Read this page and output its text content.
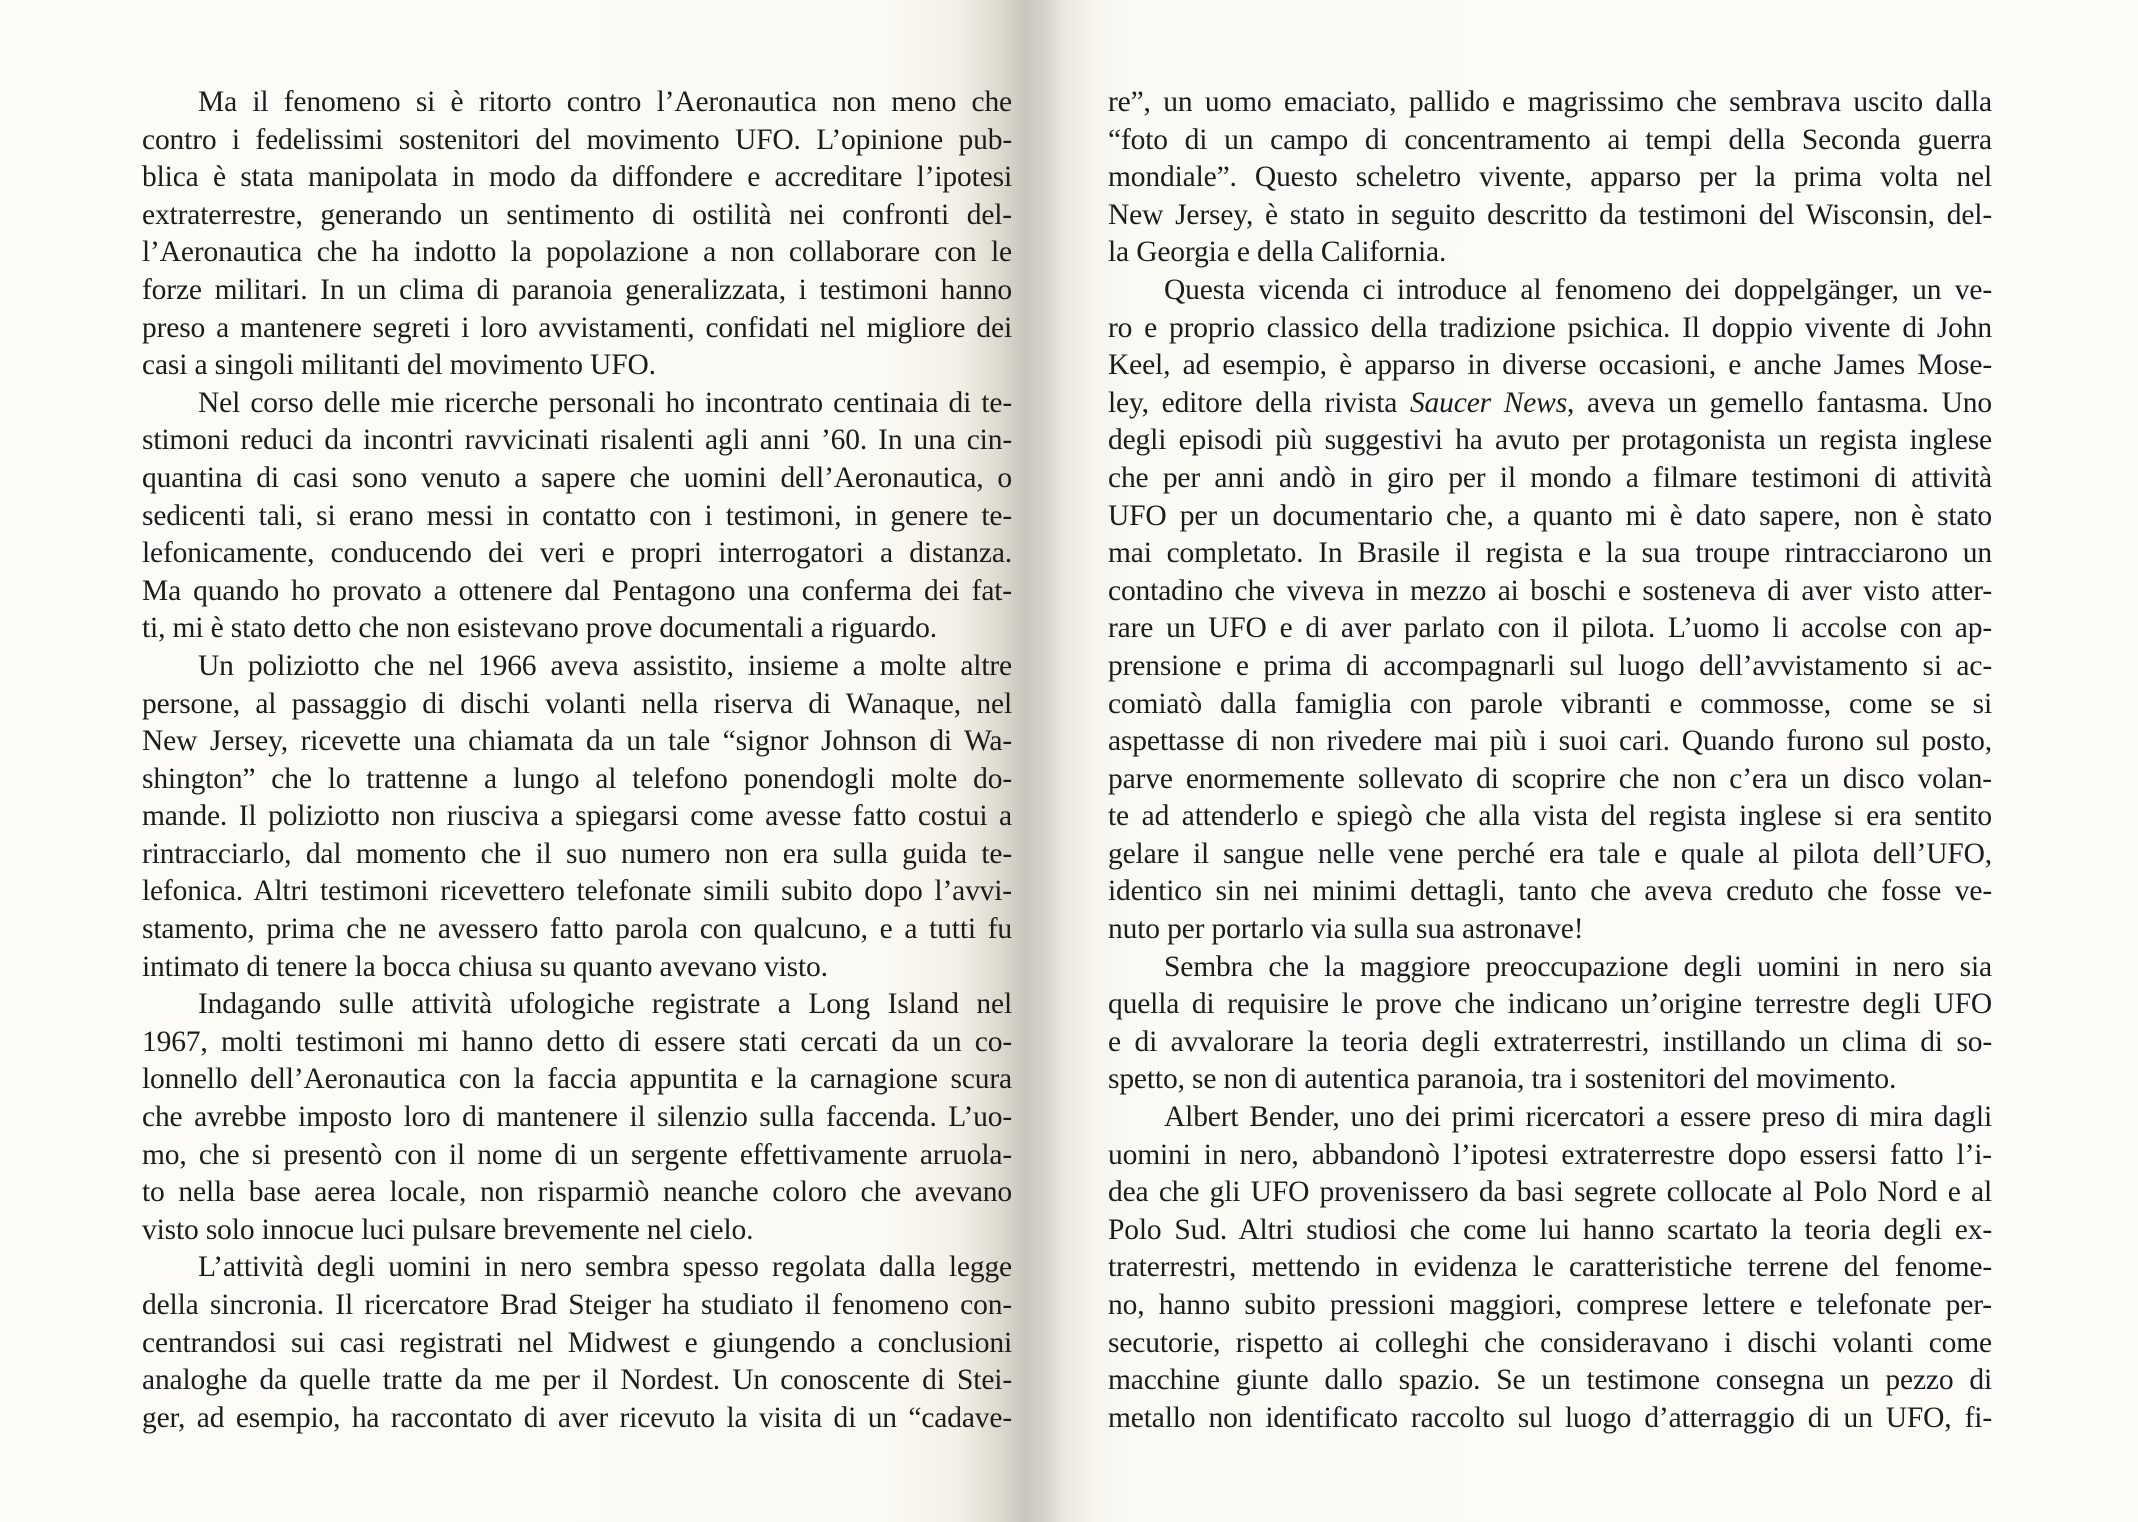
Ma il fenomeno si è ritorto contro l’Aeronautica non meno che
contro i fedelissimi sostenitori del movimento UFO. L’opinione pub-
blica è stata manipolata in modo da diffondere e accreditare l’ipotesi
extraterrestre, generando un sentimento di ostilità nei confronti del-
l’Aeronautica che ha indotto la popolazione a non collaborare con le
forze militari. In un clima di paranoia generalizzata, i testimoni hanno
preso a mantenere segreti i loro avvistamenti, confidati nel migliore dei
casi a singoli militanti del movimento UFO.
Nel corso delle mie ricerche personali ho incontrato centinaia di te-
stimoni reduci da incontri ravvicinati risalenti agli anni ’60. In una cin-
quantina di casi sono venuto a sapere che uomini dell’Aeronautica, o
sedicenti tali, si erano messi in contatto con i testimoni, in genere te-
lefonicamente, conducendo dei veri e propri interrogatori a distanza.
Ma quando ho provato a ottenere dal Pentagono una conferma dei fat-
ti, mi è stato detto che non esistevano prove documentali a riguardo.
Un poliziotto che nel 1966 aveva assistito, insieme a molte altre
persone, al passaggio di dischi volanti nella riserva di Wanaque, nel
New Jersey, ricevette una chiamata da un tale “signor Johnson di Wa-
shington” che lo trattenne a lungo al telefono ponendogli molte do-
mande. Il poliziotto non riusciva a spiegarsi come avesse fatto costui a
rintracciarlo, dal momento che il suo numero non era sulla guida te-
lefonica. Altri testimoni ricevettero telefonate simili subito dopo l’avvi-
stamento, prima che ne avessero fatto parola con qualcuno, e a tutti fu
intimato di tenere la bocca chiusa su quanto avevano visto.
Indagando sulle attività ufologiche registrate a Long Island nel
1967, molti testimoni mi hanno detto di essere stati cercati da un co-
lonnello dell’Aeronautica con la faccia appuntita e la carnagione scura
che avrebbe imposto loro di mantenere il silenzio sulla faccenda. L’uo-
mo, che si presentò con il nome di un sergente effettivamente arruola-
to nella base aerea locale, non risparmiò neanche coloro che avevano
visto solo innocue luci pulsare brevemente nel cielo.
L’attività degli uomini in nero sembra spesso regolata dalla legge
della sincronia. Il ricercatore Brad Steiger ha studiato il fenomeno con-
centrandosi sui casi registrati nel Midwest e giungendo a conclusioni
analoghe da quelle tratte da me per il Nordest. Un conoscente di Stei-
ger, ad esempio, ha raccontato di aver ricevuto la visita di un “cadave-
re”, un uomo emaciato, pallido e magrissimo che sembrava uscito dalla
“foto di un campo di concentramento ai tempi della Seconda guerra
mondiale”. Questo scheletro vivente, apparso per la prima volta nel
New Jersey, è stato in seguito descritto da testimoni del Wisconsin, del-
la Georgia e della California.
Questa vicenda ci introduce al fenomeno dei doppelgänger, un ve-
ro e proprio classico della tradizione psichica. Il doppio vivente di John
Keel, ad esempio, è apparso in diverse occasioni, e anche James Mose-
ley, editore della rivista Saucer News, aveva un gemello fantasma. Uno
degli episodi più suggestivi ha avuto per protagonista un regista inglese
che per anni andò in giro per il mondo a filmare testimoni di attività
UFO per un documentario che, a quanto mi è dato sapere, non è stato
mai completato. In Brasile il regista e la sua troupe rintracciarono un
contadino che viveva in mezzo ai boschi e sosteneva di aver visto atter-
rare un UFO e di aver parlato con il pilota. L’uomo li accolse con ap-
prensione e prima di accompagnarli sul luogo dell’avvistamento si ac-
comiatò dalla famiglia con parole vibranti e commosse, come se si
aspettasse di non rivedere mai più i suoi cari. Quando furono sul posto,
parve enormemente sollevato di scoprire che non c’era un disco volan-
te ad attenderlo e spiegò che alla vista del regista inglese si era sentito
gelare il sangue nelle vene perché era tale e quale al pilota dell’UFO,
identico sin nei minimi dettagli, tanto che aveva creduto che fosse ve-
nuto per portarlo via sulla sua astronave!
Sembra che la maggiore preoccupazione degli uomini in nero sia
quella di requisire le prove che indicano un’origine terrestre degli UFO
e di avvalorare la teoria degli extraterrestri, instillando un clima di so-
spetto, se non di autentica paranoia, tra i sostenitori del movimento.
Albert Bender, uno dei primi ricercatori a essere preso di mira dagli
uomini in nero, abbandonò l’ipotesi extraterrestre dopo essersi fatto l’i-
dea che gli UFO provenissero da basi segrete collocate al Polo Nord e al
Polo Sud. Altri studiosi che come lui hanno scartato la teoria degli ex-
traterrestri, mettendo in evidenza le caratteristiche terrene del fenome-
no, hanno subito pressioni maggiori, comprese lettere e telefonate per-
secutorie, rispetto ai colleghi che consideravano i dischi volanti come
macchine giunte dallo spazio. Se un testimone consegna un pezzo di
metallo non identificato raccolto sul luogo d’atterraggio di un UFO, fi-
